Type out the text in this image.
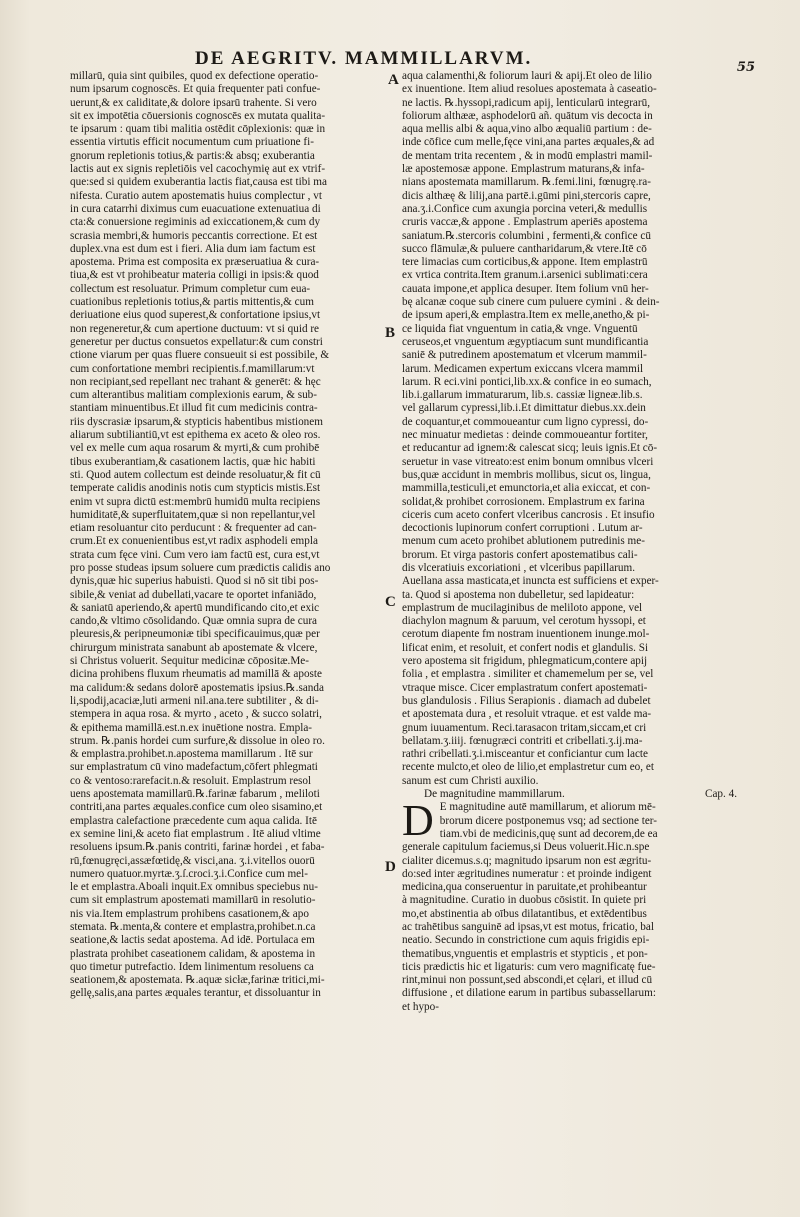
DE AEGRITV. MAMMILLARVM.	55

millarū, quia sint quibiles, quod ex defectione operatio-
num ipsarum cognoscēs. Et quia frequenter pati confue-
uerunt,& ex caliditate,& dolore ipsarū trahente. Si vero
sit ex impotētia cōuersionis cognoscēs ex mutata qualita-
te ipsarum : quam tibi malitia ostēdit cōplexionis: quæ in
essentia virtutis efficit nocumentum cum priuatione fi-
gnorum repletionis totius,& partis:& absq; exuberantia
lactis aut ex signis repletiōis vel cacochymię aut ex vtrif-
que:sed si quidem exuberantia lactis fiat,causa est tibi ma
nifesta. Curatio autem apostematis huius complectur , vt
in cura catarrhi diximus cum euacuatione extenuatiua di
cta:& conuersione regiminis ad exiccationem,& cum dy
scrasia membri,& humoris peccantis correctione. Et est
duplex.vna est dum est i fieri. Alia dum iam factum est
apostema. Prima est composita ex præseruatiua & cura-
tiua,& est vt prohibeatur materia colligi in ipsis:& quod
collectum est resoluatur. Primum completur cum eua-
cuationibus repletionis totius,& partis mittentis,& cum
deriuatione eius quod superest,& confortatione ipsius,vt
non regeneretur,& cum apertione ductuum: vt si quid re
generetur per ductus consuetos expellatur:& cum constri
ctione viarum per quas fluere consueuit si est possibile, &
cum confortatione membri recipientis.f.mamillarum:vt
non recipiant,sed repellant nec trahant & generēt: & hęc
cum alterantibus malitiam complexionis earum, & sub-
stantiam minuentibus.Et illud fit cum medicinis contra-
riis dyscrasiæ ipsarum,& stypticis habentibus mistionem
aliarum subtiliantiū,vt est epithema ex aceto & oleo ros.
vel ex melle cum aqua rosarum & myrti,& cum prohibē
tibus exuberantiam,& casationem lactis, quæ hic habiti
sti. Quod autem collectum est deinde resoluatur,& fit cū
temperate calidis anodinis notis cum stypticis mistis.Est
enim vt supra dictū est:membrū humidū multa recipiens
humiditatē,& superfluitatem,quæ si non repellantur,vel
etiam resoluantur cito perducunt : & frequenter ad can-
crum.Et ex conuenientibus est,vt radix asphodeli empla
strata cum fęce vini. Cum vero iam factū est, cura est,vt
pro posse studeas ipsum soluere cum prædictis calidis ano
dynis,quæ hic superius habuisti. Quod si nō sit tibi pos-
sibile,& veniat ad dubellati,vacare te oportet infaniādo,
& saniatū aperiendo,& apertū mundificando cito,et exic
cando,& vltimo cōsolidando. Quæ omnia supra de cura
pleuresis,& peripneumoniæ tibi specificauimus,quæ per
chirurgum ministrata sanabunt ab apostemate & vlcere,
si Christus voluerit. Sequitur medicinæ cōpositæ.Me-
dicina prohibens fluxum rheumatis ad mamillā & aposte
ma calidum:& sedans dolorē apostematis ipsius.℞.sanda
li,spodij,acaciæ,luti armeni nil.ana.tere subtiliter , & di-
stempera in aqua rosa. & myrto , aceto , & succo solatri,
& epithema mamillā.est.n.ex inuētione nostra. Empla-
strum. ℞.panis hordei cum surfure,& dissolue in oleo ro.
& emplastra.prohibet.n.apostema mamillarum . Itē sur
sur emplastratum cū vino madefactum,cōfert phlegmati
co & ventoso:rarefacit.n.& resoluit. Emplastrum resol
uens apostemata mamillarū.℞.farinæ fabarum , meliloti
contriti,ana partes æquales.confice cum oleo sisamino,et
emplastra calefactione præcedente cum aqua calida. Itē
ex semine lini,& aceto fiat emplastrum . Itē aliud vltime
resoluens ipsum.℞.panis contriti, farinæ hordei , et faba-
rū,fœnugręci,assæfœtidę,& visci,ana. ʒ.i.vitellos ouorū
numero quatuor.myrtæ.ʒ.ſ.croci.ʒ.i.Confice cum mel-
le et emplastra.Aboali inquit.Ex omnibus speciebus nu-
cum sit emplastrum apostemati mamillarū in resolutio-
nis via.Item emplastrum prohibens casationem,& apo
stemata. ℞.menta,& contere et emplastra,prohibet.n.ca
seatione,& lactis sedat apostema. Ad idē. Portulaca em
plastrata prohibet caseationem calidam, & apostema in
quo timetur putrefactio. Idem linimentum resoluens ca
seationem,& apostemata. ℞.aquæ sicłæ,farinæ tritici,mi-
gellę,salis,ana partes æquales terantur, et dissoluantur in

A
B
C
D

aqua calamenthi,& foliorum lauri & apij.Et oleo de lilio
ex inuentione. Item aliud resolues apostemata à caseatio-
ne lactis. ℞.hyssopi,radicum apij, lenticularū integrarū,
foliorum althææ, asphodelorū añ. quātum vis decocta in
aqua mellis albi & aqua,vino albo æqualiū partium : de-
inde cōfice cum melle,fęce vini,ana partes æquales,& ad
de mentam trita recentem , & in modū emplastri mamil-
læ apostemosæ appone. Emplastrum maturans,& infa-
nians apostemata mamillarum. ℞.femi.lini, fœnugrę.ra-
dicis althæę & lilij,ana partē.i.gūmi pini,stercoris capre,
ana.ʒ.i.Confice cum axungia porcina veteri,& medullis
cruris vaccæ,& appone . Emplastrum aperiēs apostema
saniatum.℞.stercoris columbini , fermenti,& confice cū
succo flāmulæ,& puluere cantharidarum,& vtere.Itē cō
tere limacias cum corticibus,& appone. Item emplastrū
ex vrtica contrita.Item granum.i.arsenici sublimati:cera
cauata impone,et applica desuper. Item folium vnū her-
bę alcanæ coque sub cinere cum puluere cymini . & dein-

de ipsum aperi,& emplastra.Item ex melle,anetho,& pi-
ce liquida fiat vnguentum in catia,& vnge. Vnguentū
ceruseos,et vnguentum ægyptiacum sunt mundificantia
saniē & putredinem apostematum et vlcerum mammil-
larum. Medicamen expertum exiccans vlcera mammil
larum. R eci.vini pontici,lib.xx.& confice in eo sumach,
lib.i.gallarum immaturarum, lib.s. cassiæ ligneæ.lib.s.
vel gallarum cypressi,lib.i.Et dimittatur diebus.xx.dein
de coquantur,et commoueantur cum ligno cypressi, do-
nec minuatur medietas : deinde commoueantur fortiter,
et reducantur ad ignem:& calescat sicq; leuis ignis.Et cō-
seruetur in vase vitreato:est enim bonum omnibus vlceri
bus,quæ accidunt in membris mollibus, sicut os, lingua,
mammilla,testiculi,et emunctoria,et alia exiccat, et con-
solidat,& prohibet corrosionem. Emplastrum ex farina
ciceris cum aceto confert vlceribus cancrosis . Et insufio
decoctionis lupinorum confert corruptioni . Lutum ar-
menum cum aceto prohibet ablutionem putredinis me-

brorum. Et virga pastoris confert apostematibus cali-
dis vlceratiuis excoriationi , et vlceribus papillarum.
Auellana assa masticata,et inuncta est sufficiens et exper-
ta. Quod si apostema non dubelletur, sed lapideatur:
emplastrum de mucilaginibus de meliloto appone, vel
diachylon magnum & paruum, vel cerotum hyssopi, et
cerotum diapente fm nostram inuentionem inunge.mol-
lificat enim, et resoluit, et confert nodis et glandulis. Si
vero apostema sit frigidum, phlegmaticum,contere apij
folia , et emplastra . similiter et chamemelum per se, vel
vtraque misce. Cicer emplastratum confert apostemati-
bus glandulosis . Filius Serapionis . diamach ad dubelet
et apostemata dura , et resoluit vtraque. et est valde ma-
gnum iuuamentum. Reci.tarasacon tritam,siccam,et cri
bellatam.ʒ.iiij. fœnugræci contriti et cribellati.ʒ.ij.ma-
rathri cribellati.ʒ.i.misceantur et conficiantur cum lacte
recente mulcto,et oleo de lilio,et emplastretur cum eo, et
sanum est cum Christi auxilio.

De magnitudine mammillarum.	Cap. 4.
D E magnitudine autē mamillarum, et aliorum mē-
brorum dicere postponemus vsq; ad sectione ter-
tiam.vbi de medicinis,quę sunt ad decorem,de ea
generale capitulum faciemus,si Deus voluerit.Hic.n.spe
cialiter dicemus.s.q; magnitudo ipsarum non est ægritu-
do:sed inter ægritudines numeratur : et proinde indigent
medicina,qua conseruentur in paruitate,et prohibeantur
à magnitudine. Curatio in duobus cōsistit. In quiete pri
mo,et abstinentia ab oībus dilatantibus, et extēdentibus
ac trahētibus sanguinē ad ipsas,vt est motus, fricatio, bal
neatio. Secundo in constrictione cum aquis frigidis epi-
thematibus,vnguentis et emplastris et stypticis , et pon-
ticis prædictis hic et ligaturis: cum vero magnificatę fue-
rint,minui non possunt,sed abscondi,et cęlari, et illud cū
diffusione , et dilatione earum in partibus subassellarum:
et hypo-
